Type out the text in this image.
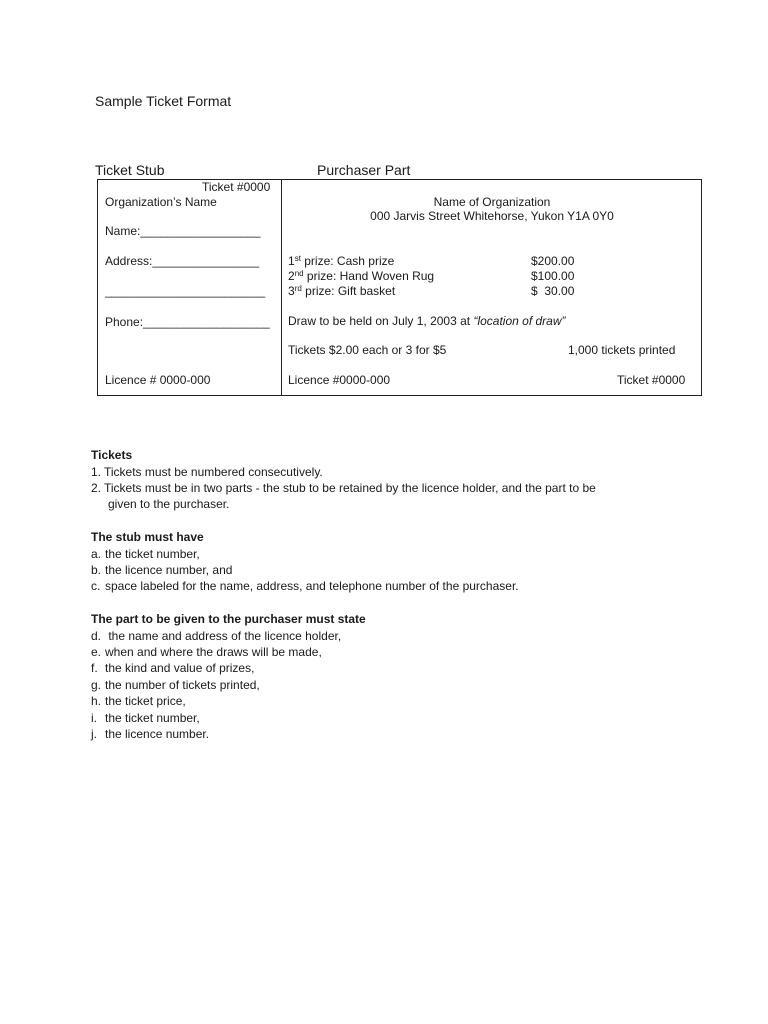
Sample Ticket Format
Ticket Stub	Purchaser Part
Ticket #0000
Organization’s Name
Name:__________________
Address:________________
________________________
Phone:___________________
Licence # 0000-000
Name of Organization
000 Jarvis Street Whitehorse, Yukon Y1A 0Y0
1st prize: Cash prize	$200.00
2nd prize: Hand Woven Rug	$100.00
3rd prize: Gift basket	$  30.00
Draw to be held on July 1, 2003 at “location of draw”
Tickets $2.00 each or 3 for $5	1,000 tickets printed
Licence #0000-000	Ticket #0000
Tickets
1. Tickets must be numbered consecutively.
2. Tickets must be in two parts - the stub to be retained by the licence holder, and the part to be
given to the purchaser.
The stub must have
a. the ticket number,
b. the licence number, and
c. space labeled for the name, address, and telephone number of the purchaser.
The part to be given to the purchaser must state
d. the name and address of the licence holder,
e. when and where the draws will be made,
f. the kind and value of prizes,
g. the number of tickets printed,
h. the ticket price,
i. the ticket number,
j. the licence number.
